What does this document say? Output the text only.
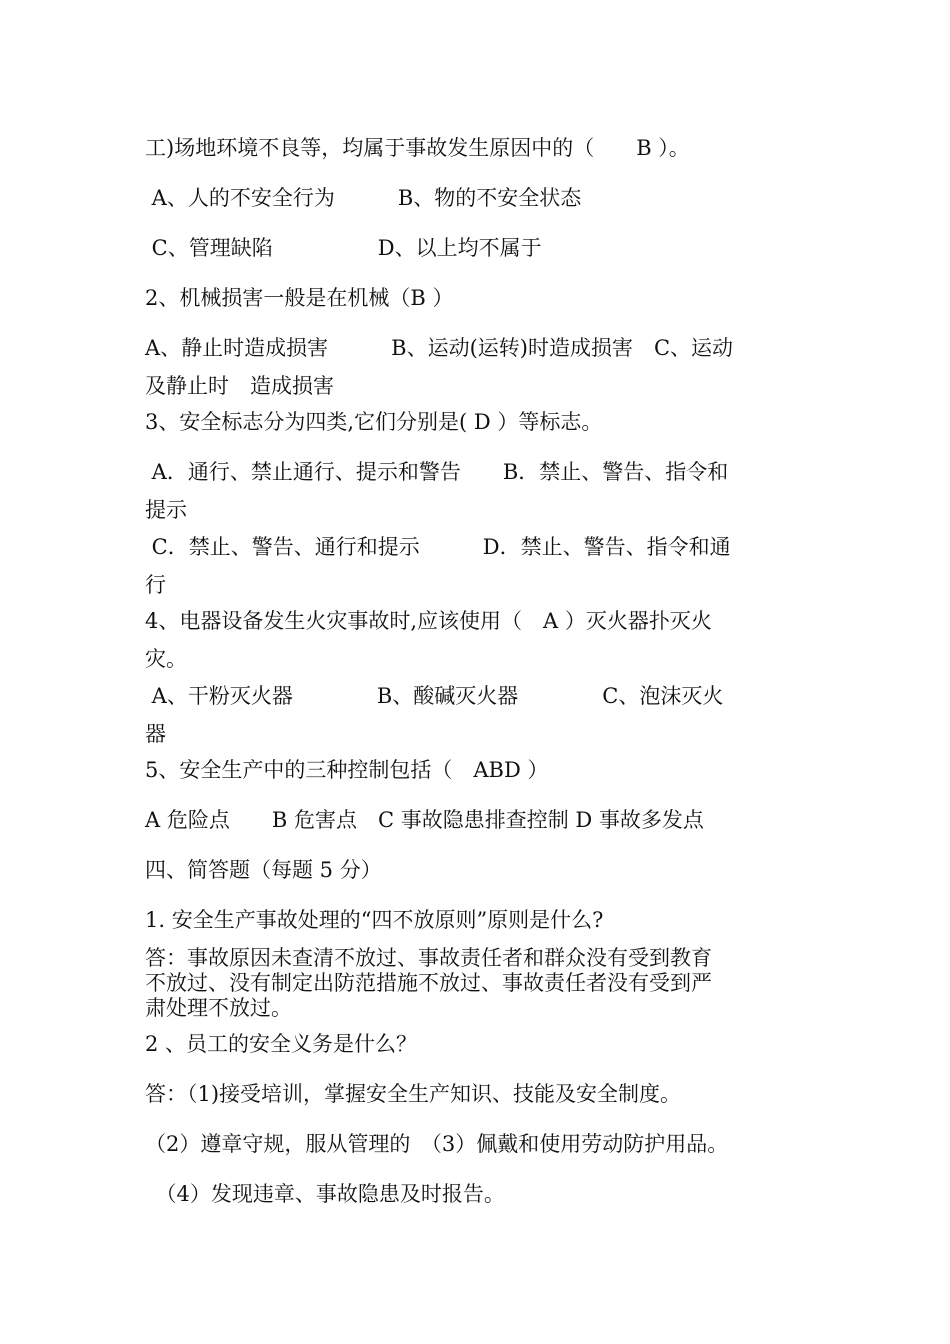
工)场地环境不良等，均属于事故发生原因中的（　　B ）。
A、人的不安全行为　　　B、物的不安全状态
C、管理缺陷　　　　　D、以上均不属于
2、机械损害一般是在机械（B ）
A、静止时造成损害　　　B、运动(运转)时造成损害　C、运动
及静止时　造成损害
3、安全标志分为四类,它们分别是( D ）等标志。
A．通行、禁止通行、提示和警告　　B．禁止、警告、指令和
提示
C．禁止、警告、通行和提示　　　D．禁止、警告、指令和通
行
4、电器设备发生火灾事故时,应该使用（　A ）灭火器扑灭火
灾。
A、干粉灭火器　　　　B、酸碱灭火器　　　　C、泡沫灭火
器
5、安全生产中的三种控制包括（　ABD ）
A 危险点　　B 危害点　C 事故隐患排查控制 D 事故多发点
四、简答题（每题 5 分）
1. 安全生产事故处理的“四不放原则”原则是什么?
答：事故原因未查清不放过、事故责任者和群众没有受到教育
不放过、没有制定出防范措施不放过、事故责任者没有受到严
肃处理不放过。
2 、员工的安全义务是什么？
答：（1)接受培训，掌握安全生产知识、技能及安全制度。
（2）遵章守规，服从管理的　（3）佩戴和使用劳动防护用品。
　（4）发现违章、事故隐患及时报告。
